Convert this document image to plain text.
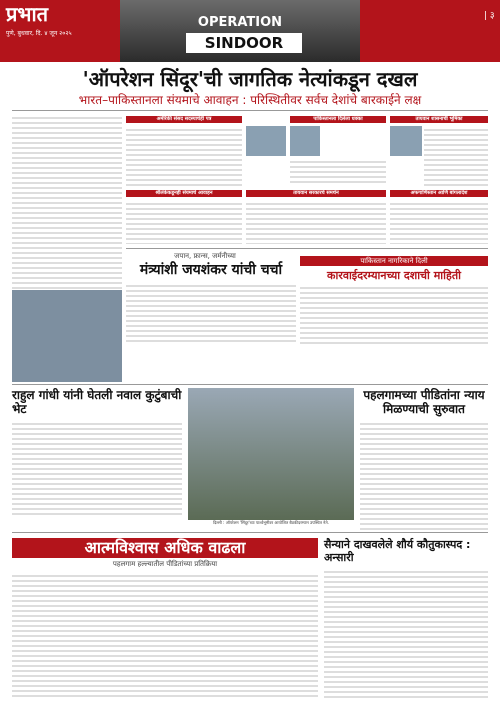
प्रभात
पुणे, बुधवार, दि. ४ जून २०२५
OPERATION
SINDOOR
| ३
'ऑपरेशन सिंदूर'ची जागतिक नेत्यांकडून दखल
भारत–पाकिस्तानला संयमाचे आवाहन : परिस्थितीवर सर्वच देशांचे बारकाईने लक्ष
अमेरिकी संसद सदस्याचेही पत्र	पाकिस्तानला दिलेला धक्का	तायवान शासनाची भूमिका
श्रीलंकेकडूनही संयमाचे आवाहन	तायवान सरकारचे समर्थन	अफगाणिस्तान आणि बांगलादेश
जपान, फ्रान्स, जर्मनीच्या
मंत्र्यांशी जयशंकर यांची चर्चा
पाकिस्तान नागरिकाने दिली
कारवाईदरम्यानच्या दशाची माहिती
राहुल गांधी यांनी घेतली नवाल कुटुंबाची भेट
दिल्ली : ऑपरेशन 'सिंदूर'च्या पार्श्वभूमीवर आयोजित बैठकीदरम्यान उपस्थित नेते.
पहलगामच्या पीडितांना न्याय मिळण्याची सुरुवात
आत्मविश्वास अधिक वाढला
पहलगाम हल्ल्यातील पीडितांच्या प्रतिक्रिया
सैन्याने दाखवलेले शौर्य कौतुकास्पद : अन्सारी
